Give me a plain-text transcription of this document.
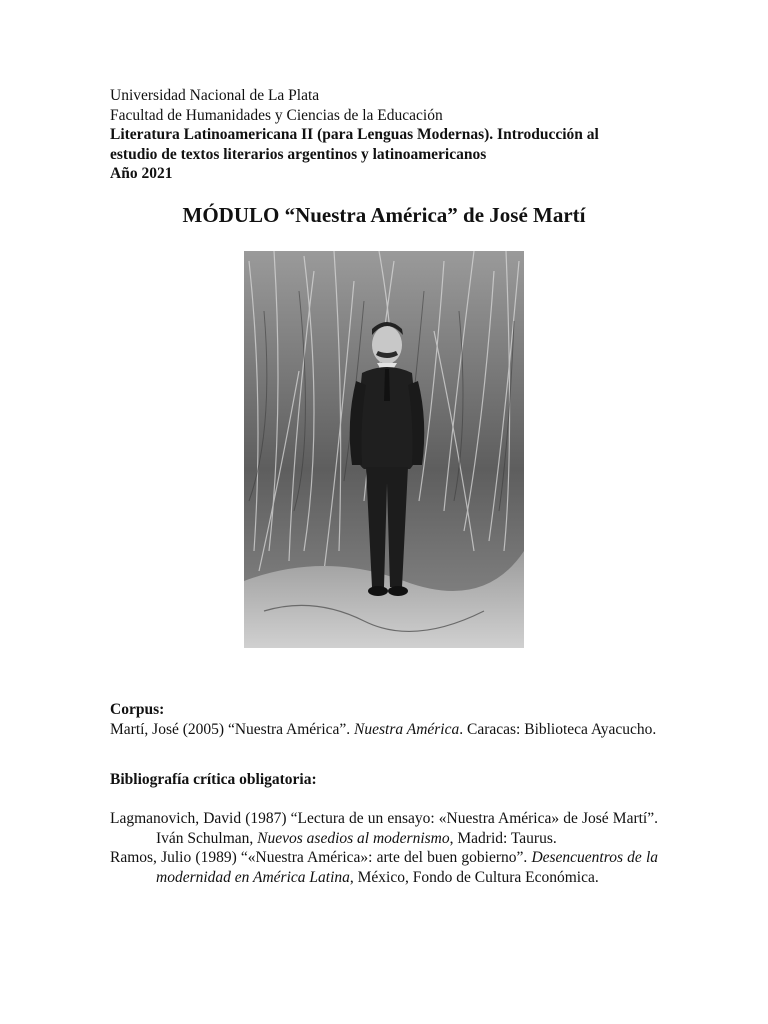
Universidad Nacional de La Plata
Facultad de Humanidades y Ciencias de la Educación
Literatura Latinoamericana II (para Lenguas Modernas). Introducción al
estudio de textos literarios argentinos y latinoamericanos
Año 2021
MÓDULO “Nuestra América” de José Martí
Corpus:
Martí, José (2005) “Nuestra América”. Nuestra América. Caracas: Biblioteca Ayacucho.
Bibliografía crítica obligatoria:
Lagmanovich, David (1987) “Lectura de un ensayo: «Nuestra América» de José Martí”. Iván Schulman, Nuevos asedios al modernismo, Madrid: Taurus.
Ramos, Julio (1989) “«Nuestra América»: arte del buen gobierno”. Desencuentros de la modernidad en América Latina, México, Fondo de Cultura Económica.
